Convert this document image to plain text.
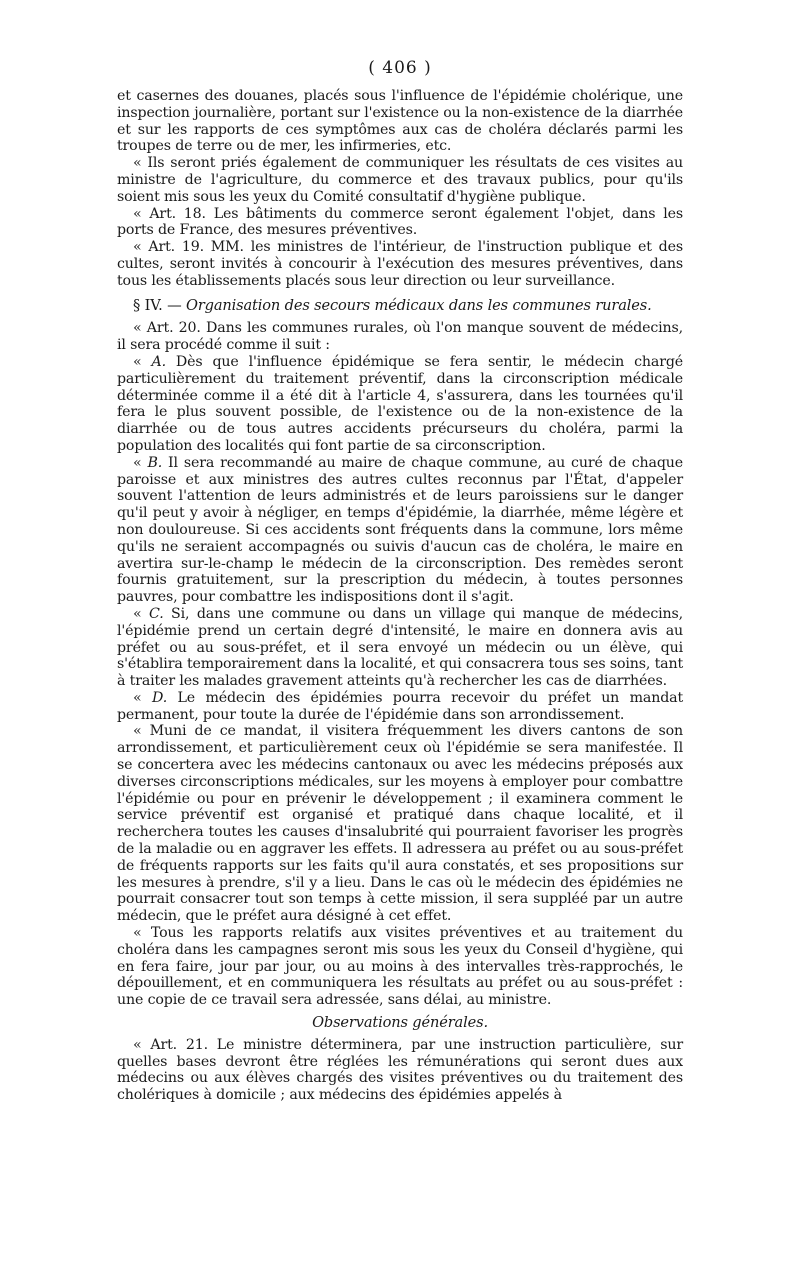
( 406 )

et casernes des douanes, placés sous l'influence de l'épidémie cholérique, une inspection journalière, portant sur l'existence ou la non-existence de la diarrhée et sur les rapports de ces symptômes aux cas de choléra déclarés parmi les troupes de terre ou de mer, les infirmeries, etc.

« Ils seront priés également de communiquer les résultats de ces visites au ministre de l'agriculture, du commerce et des travaux publics, pour qu'ils soient mis sous les yeux du Comité consultatif d'hygiène publique.

« Art. 18. Les bâtiments du commerce seront également l'objet, dans les ports de France, des mesures préventives.

« Art. 19. MM. les ministres de l'intérieur, de l'instruction publique et des cultes, seront invités à concourir à l'exécution des mesures préventives, dans tous les établissements placés sous leur direction ou leur surveillance.

§ IV. — Organisation des secours médicaux dans les communes rurales.

« Art. 20. Dans les communes rurales, où l'on manque souvent de médecins, il sera procédé comme il suit :

« A. Dès que l'influence épidémique se fera sentir, le médecin chargé particulièrement du traitement préventif, dans la circonscription médicale déterminée comme il a été dit à l'article 4, s'assurera, dans les tournées qu'il fera le plus souvent possible, de l'existence ou de la non-existence de la diarrhée ou de tous autres accidents précurseurs du choléra, parmi la population des localités qui font partie de sa circonscription.

« B. Il sera recommandé au maire de chaque commune, au curé de chaque paroisse et aux ministres des autres cultes reconnus par l'État, d'appeler souvent l'attention de leurs administrés et de leurs paroissiens sur le danger qu'il peut y avoir à négliger, en temps d'épidémie, la diarrhée, même légère et non douloureuse. Si ces accidents sont fréquents dans la commune, lors même qu'ils ne seraient accompagnés ou suivis d'aucun cas de choléra, le maire en avertira sur-le-champ le médecin de la circonscription. Des remèdes seront fournis gratuitement, sur la prescription du médecin, à toutes personnes pauvres, pour combattre les indispositions dont il s'agit.

« C. Si, dans une commune ou dans un village qui manque de médecins, l'épidémie prend un certain degré d'intensité, le maire en donnera avis au préfet ou au sous-préfet, et il sera envoyé un médecin ou un élève, qui s'établira temporairement dans la localité, et qui consacrera tous ses soins, tant à traiter les malades gravement atteints qu'à rechercher les cas de diarrhées.

« D. Le médecin des épidémies pourra recevoir du préfet un mandat permanent, pour toute la durée de l'épidémie dans son arrondissement.

« Muni de ce mandat, il visitera fréquemment les divers cantons de son arrondissement, et particulièrement ceux où l'épidémie se sera manifestée. Il se concertera avec les médecins cantonaux ou avec les médecins préposés aux diverses circonscriptions médicales, sur les moyens à employer pour combattre l'épidémie ou pour en prévenir le développement ; il examinera comment le service préventif est organisé et pratiqué dans chaque localité, et il recherchera toutes les causes d'insalubrité qui pourraient favoriser les progrès de la maladie ou en aggraver les effets. Il adressera au préfet ou au sous-préfet de fréquents rapports sur les faits qu'il aura constatés, et ses propositions sur les mesures à prendre, s'il y a lieu. Dans le cas où le médecin des épidémies ne pourrait consacrer tout son temps à cette mission, il sera suppléé par un autre médecin, que le préfet aura désigné à cet effet.

« Tous les rapports relatifs aux visites préventives et au traitement du choléra dans les campagnes seront mis sous les yeux du Conseil d'hygiène, qui en fera faire, jour par jour, ou au moins à des intervalles très-rapprochés, le dépouillement, et en communiquera les résultats au préfet ou au sous-préfet : une copie de ce travail sera adressée, sans délai, au ministre.

Observations générales.

« Art. 21. Le ministre déterminera, par une instruction particulière, sur quelles bases devront être réglées les rémunérations qui seront dues aux médecins ou aux élèves chargés des visites préventives ou du traitement des cholériques à domicile ; aux médecins des épidémies appelés à
